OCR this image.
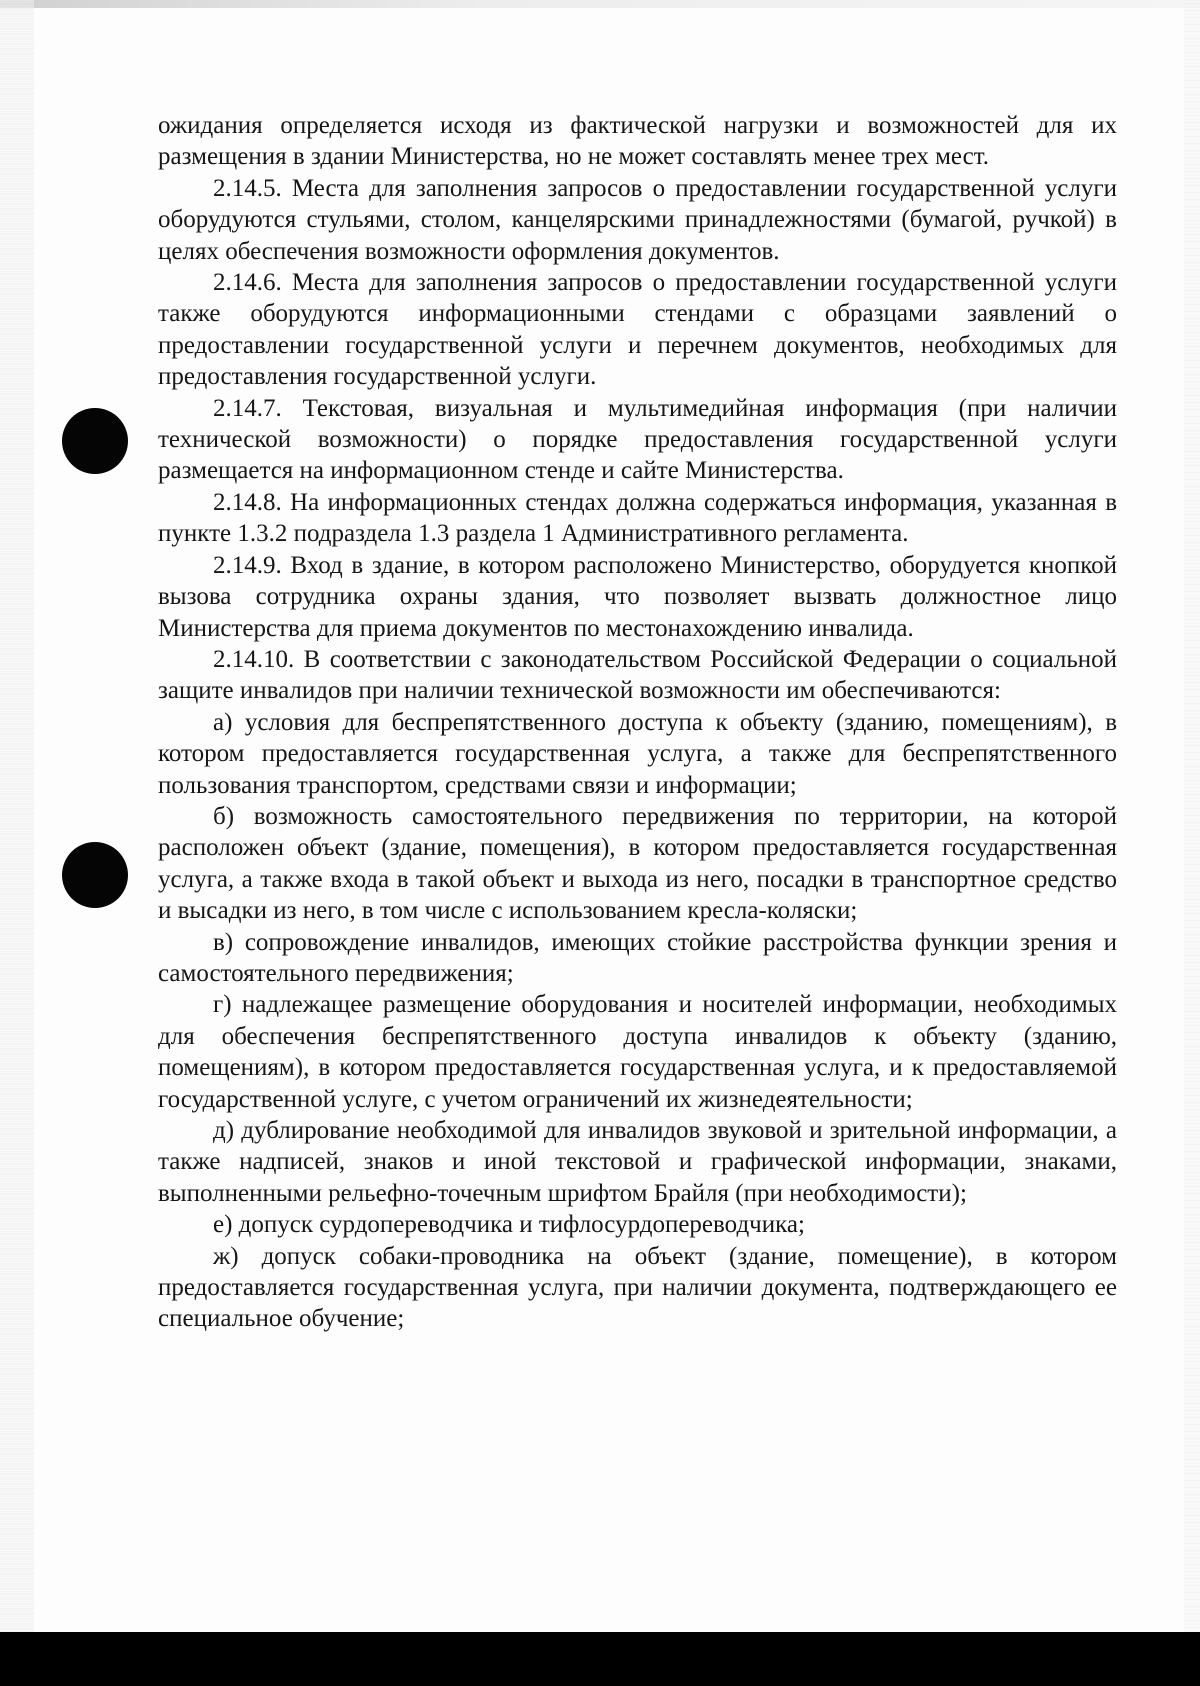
ожидания определяется исходя из фактической нагрузки и возможностей для их размещения в здании Министерства, но не может составлять менее трех мест.

2.14.5. Места для заполнения запросов о предоставлении государственной услуги оборудуются стульями, столом, канцелярскими принадлежностями (бумагой, ручкой) в целях обеспечения возможности оформления документов.

2.14.6. Места для заполнения запросов о предоставлении государственной услуги также оборудуются информационными стендами с образцами заявлений о предоставлении государственной услуги и перечнем документов, необходимых для предоставления государственной услуги.

2.14.7. Текстовая, визуальная и мультимедийная информация (при наличии технической возможности) о порядке предоставления государственной услуги размещается на информационном стенде и сайте Министерства.

2.14.8. На информационных стендах должна содержаться информация, указанная в пункте 1.3.2 подраздела 1.3 раздела 1 Административного регламента.

2.14.9. Вход в здание, в котором расположено Министерство, оборудуется кнопкой вызова сотрудника охраны здания, что позволяет вызвать должностное лицо Министерства для приема документов по местонахождению инвалида.

2.14.10. В соответствии с законодательством Российской Федерации о социальной защите инвалидов при наличии технической возможности им обеспечиваются:

а) условия для беспрепятственного доступа к объекту (зданию, помещениям), в котором предоставляется государственная услуга, а также для беспрепятственного пользования транспортом, средствами связи и информации;

б) возможность самостоятельного передвижения по территории, на которой расположен объект (здание, помещения), в котором предоставляется государственная услуга, а также входа в такой объект и выхода из него, посадки в транспортное средство и высадки из него, в том числе с использованием кресла-коляски;

в) сопровождение инвалидов, имеющих стойкие расстройства функции зрения и самостоятельного передвижения;

г) надлежащее размещение оборудования и носителей информации, необходимых для обеспечения беспрепятственного доступа инвалидов к объекту (зданию, помещениям), в котором предоставляется государственная услуга, и к предоставляемой государственной услуге, с учетом ограничений их жизнедеятельности;

д) дублирование необходимой для инвалидов звуковой и зрительной информации, а также надписей, знаков и иной текстовой и графической информации, знаками, выполненными рельефно-точечным шрифтом Брайля (при необходимости);

е) допуск сурдопереводчика и тифлосурдопереводчика;

ж) допуск собаки-проводника на объект (здание, помещение), в котором предоставляется государственная услуга, при наличии документа, подтверждающего ее специальное обучение;
